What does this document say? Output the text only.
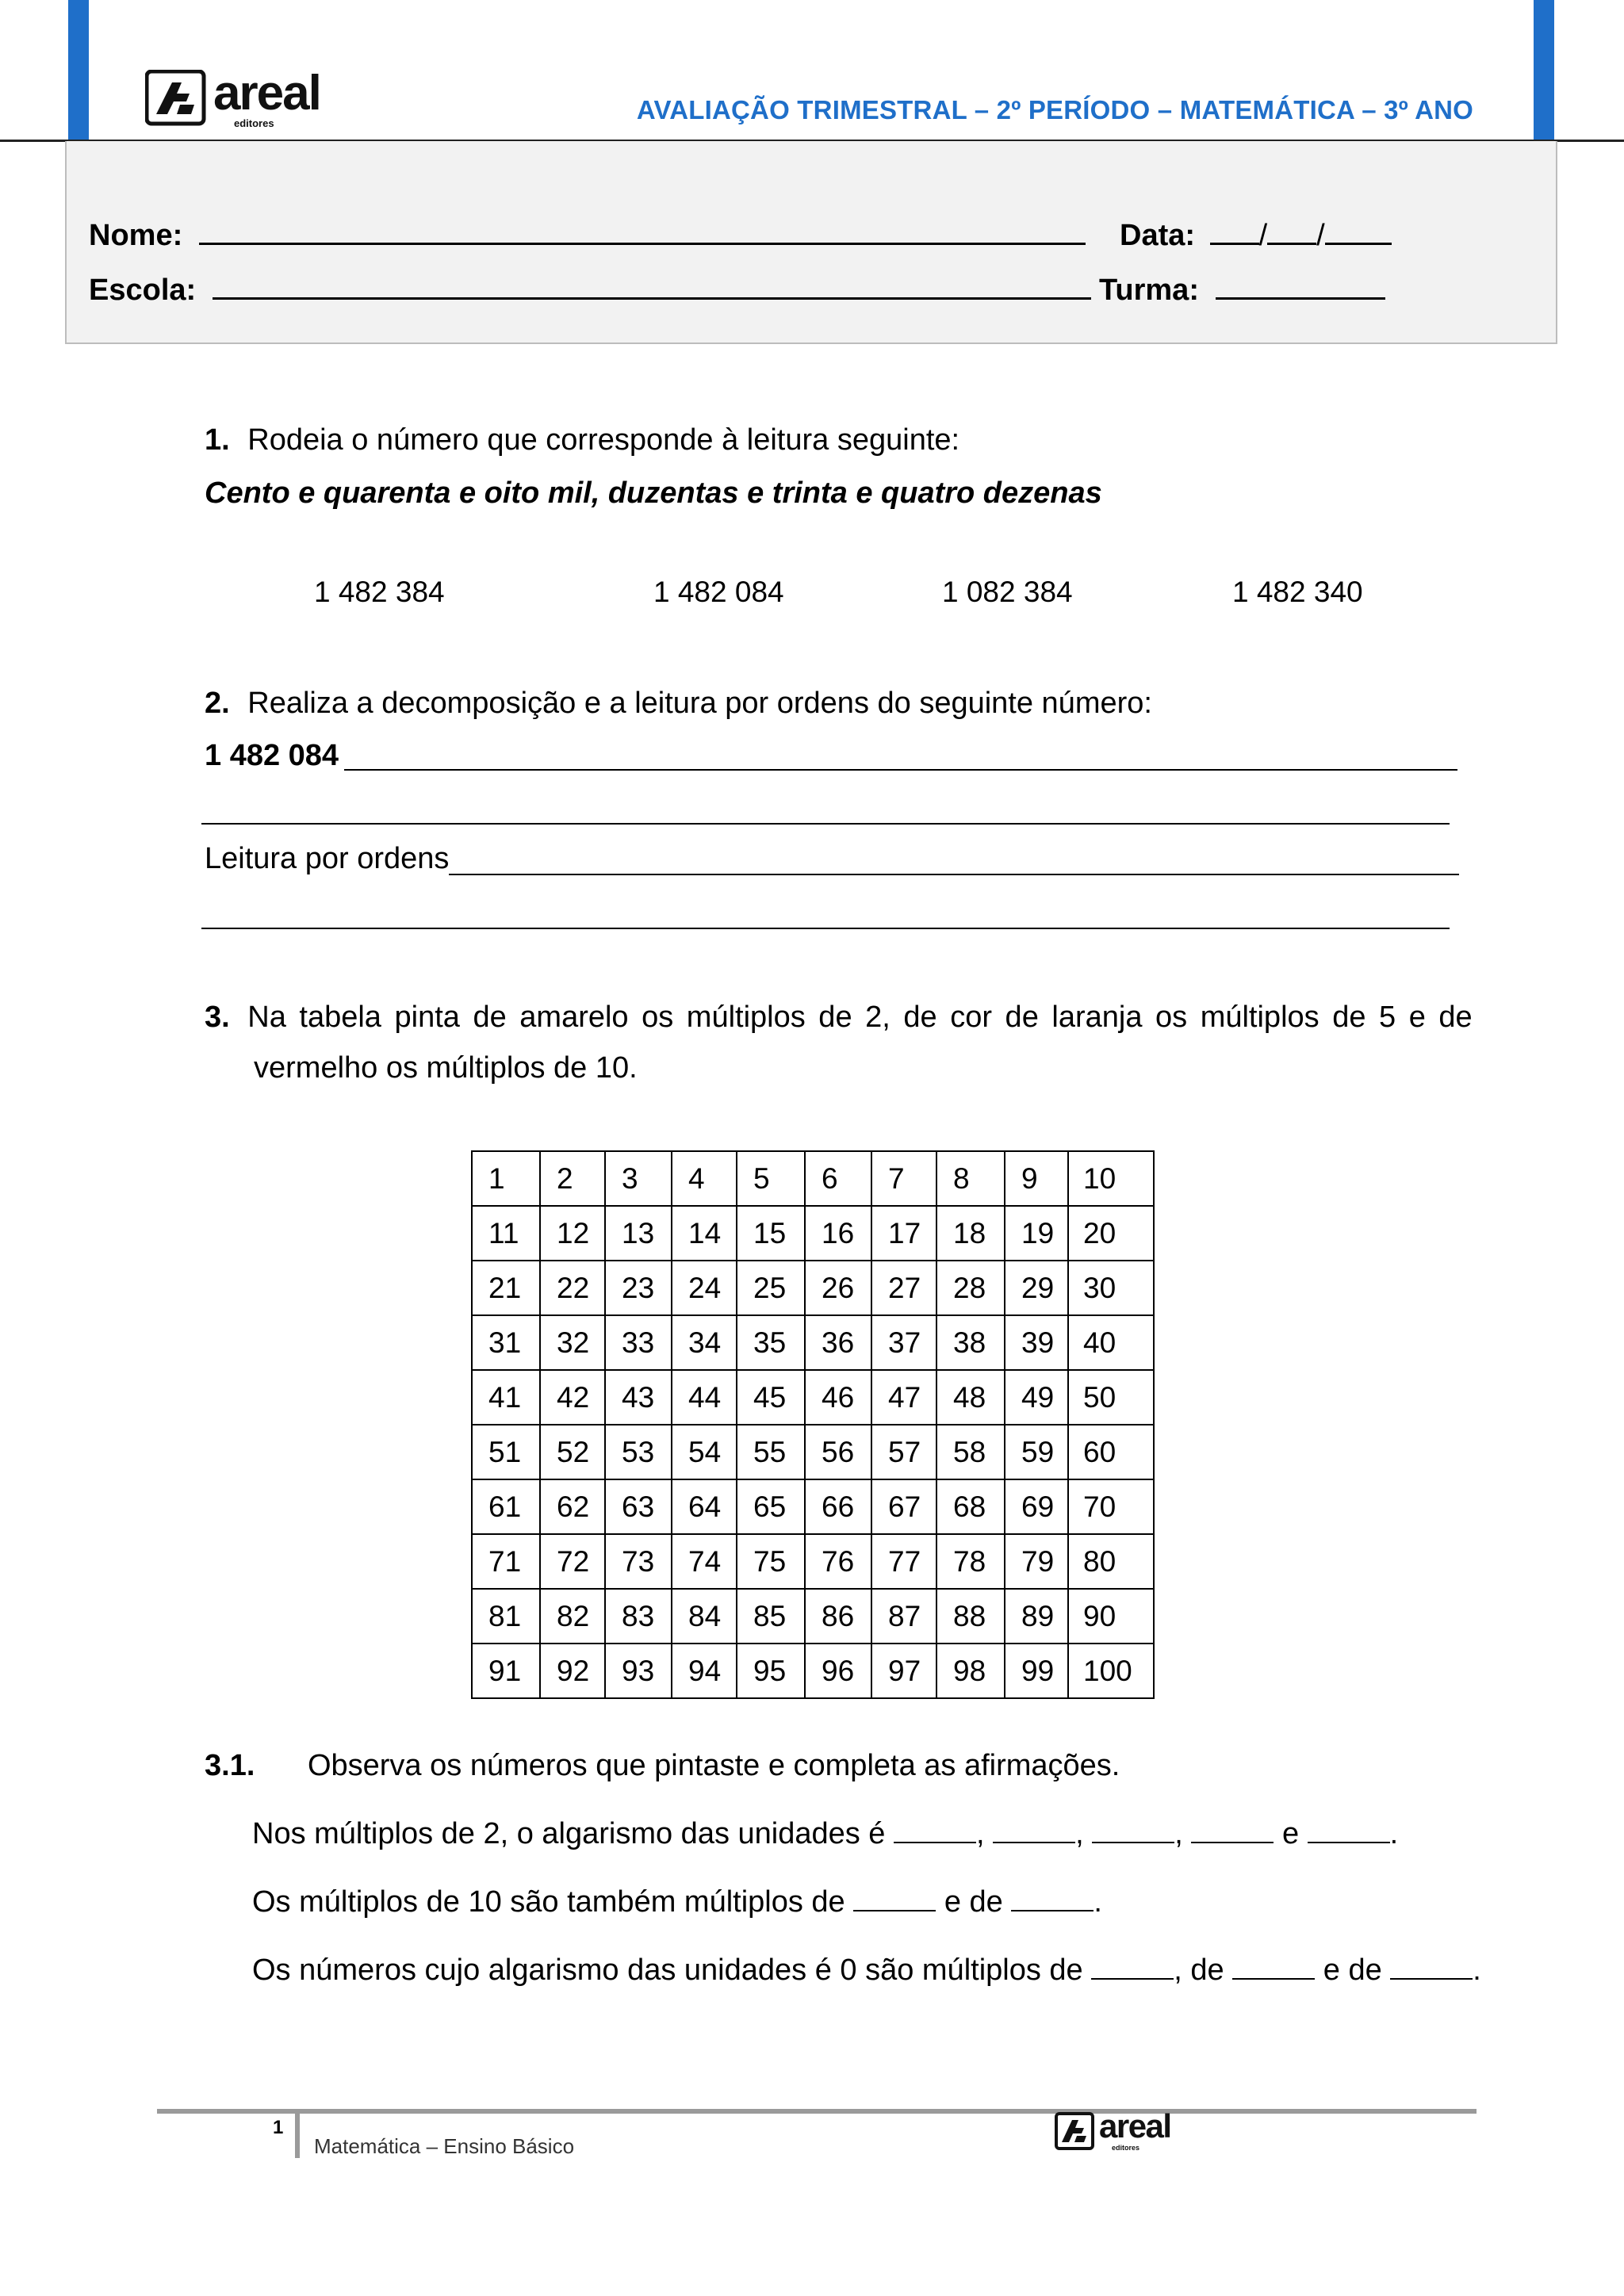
areal
editores	AVALIAÇÃO TRIMESTRAL – 2º PERÍODO – MATEMÁTICA – 3º ANO
Nome:	Data: / /
Escola:	Turma:
1. Rodeia o número que corresponde à leitura seguinte:
Cento e quarenta e oito mil, duzentas e trinta e quatro dezenas
1 482 384	1 482 084	1 082 384	1 482 340
2. Realiza a decomposição e a leitura por ordens do seguinte número:
1 482 084
Leitura por ordens
3. Na tabela pinta de amarelo os múltiplos de 2, de cor de laranja os múltiplos de 5 e de
vermelho os múltiplos de 10.
1	2	3	4	5	6	7	8	9	10
11	12	13	14	15	16	17	18	19	20
21	22	23	24	25	26	27	28	29	30
31	32	33	34	35	36	37	38	39	40
41	42	43	44	45	46	47	48	49	50
51	52	53	54	55	56	57	58	59	60
61	62	63	64	65	66	67	68	69	70
71	72	73	74	75	76	77	78	79	80
81	82	83	84	85	86	87	88	89	90
91	92	93	94	95	96	97	98	99	100
3.1. Observa os números que pintaste e completa as afirmações.
Nos múltiplos de 2, o algarismo das unidades é	,	,	,	e	.
Os múltiplos de 10 são também múltiplos de	e de	.
Os números cujo algarismo das unidades é 0 são múltiplos de	, de	e de	.
1
Matemática – Ensino Básico
areal
editores
